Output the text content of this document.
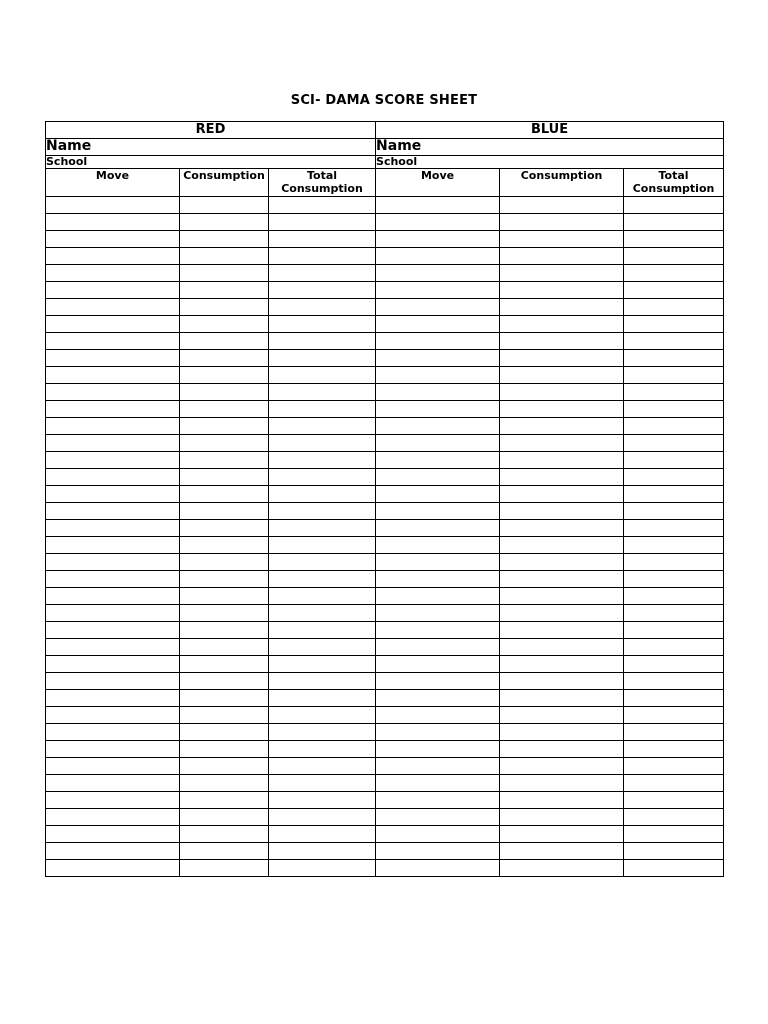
SCI- DAMA SCORE SHEET
RED			BLUE		
Name			Name		
School			School		
Move	Consumption	Total Consumption	Move	Consumption	Total Consumption
